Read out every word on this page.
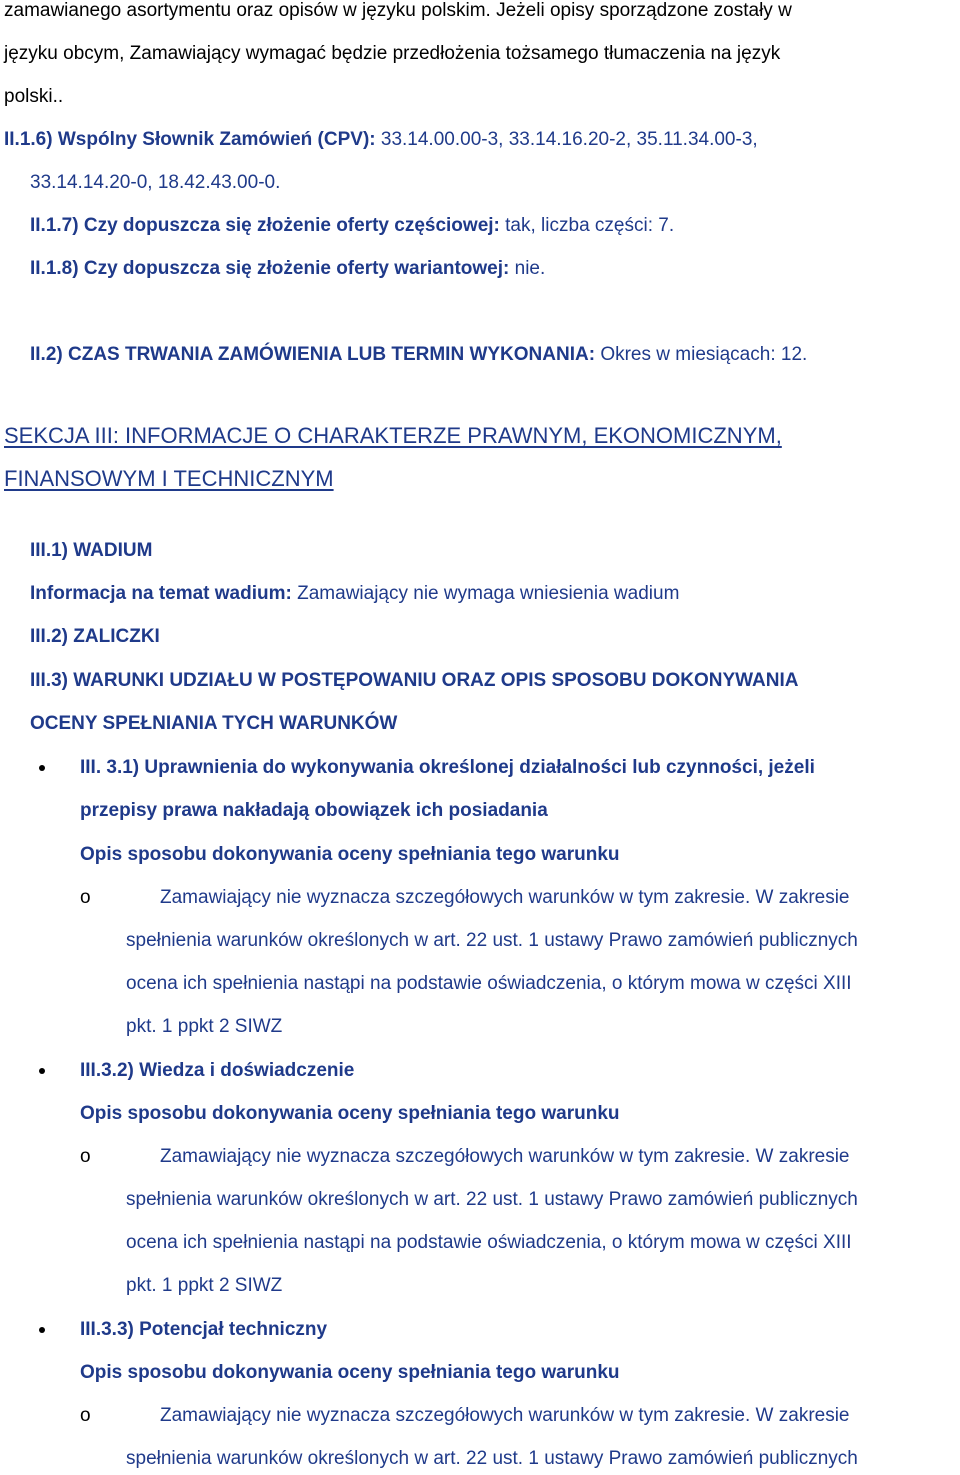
zamawianego asortymentu oraz opisów w języku polskim. Jeżeli opisy sporządzone zostały w
języku obcym, Zamawiający wymagać będzie przedłożenia tożsamego tłumaczenia na język
polski..
II.1.6) Wspólny Słownik Zamówień (CPV): 33.14.00.00-3, 33.14.16.20-2, 35.11.34.00-3,
33.14.14.20-0, 18.42.43.00-0.
II.1.7) Czy dopuszcza się złożenie oferty częściowej: tak, liczba części: 7.
II.1.8) Czy dopuszcza się złożenie oferty wariantowej: nie.
II.2) CZAS TRWANIA ZAMÓWIENIA LUB TERMIN WYKONANIA: Okres w miesiącach: 12.
SEKCJA III: INFORMACJE O CHARAKTERZE PRAWNYM, EKONOMICZNYM,
FINANSOWYM I TECHNICZNYM
III.1) WADIUM
Informacja na temat wadium: Zamawiający nie wymaga wniesienia wadium
III.2) ZALICZKI
III.3) WARUNKI UDZIAŁU W POSTĘPOWANIU ORAZ OPIS SPOSOBU DOKONYWANIA
OCENY SPEŁNIANIA TYCH WARUNKÓW
III. 3.1) Uprawnienia do wykonywania określonej działalności lub czynności, jeżeli
przepisy prawa nakładają obowiązek ich posiadania
Opis sposobu dokonywania oceny spełniania tego warunku
o	Zamawiający nie wyznacza szczegółowych warunków w tym zakresie. W zakresie
spełnienia warunków określonych w art. 22 ust. 1 ustawy Prawo zamówień publicznych
ocena ich spełnienia nastąpi na podstawie oświadczenia, o którym mowa w części XIII
pkt. 1 ppkt 2 SIWZ
III.3.2) Wiedza i doświadczenie
Opis sposobu dokonywania oceny spełniania tego warunku
o	Zamawiający nie wyznacza szczegółowych warunków w tym zakresie. W zakresie
spełnienia warunków określonych w art. 22 ust. 1 ustawy Prawo zamówień publicznych
ocena ich spełnienia nastąpi na podstawie oświadczenia, o którym mowa w części XIII
pkt. 1 ppkt 2 SIWZ
III.3.3) Potencjał techniczny
Opis sposobu dokonywania oceny spełniania tego warunku
o	Zamawiający nie wyznacza szczegółowych warunków w tym zakresie. W zakresie
spełnienia warunków określonych w art. 22 ust. 1 ustawy Prawo zamówień publicznych
